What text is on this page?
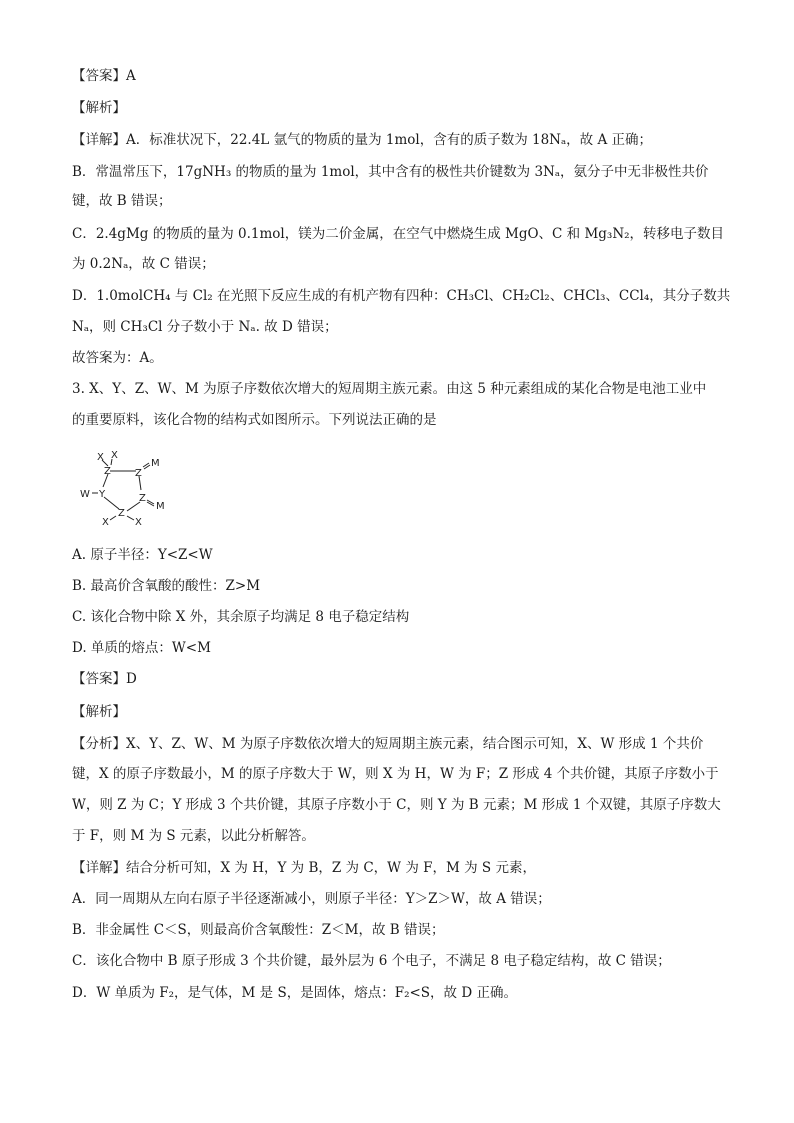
【答案】A
【解析】
【详解】A．标准状况下，22.4L 氩气的物质的量为 1mol，含有的质子数为 18Nₐ，故 A 正确；
B．常温常压下，17gNH₃ 的物质的量为 1mol，其中含有的极性共价键数为 3Nₐ，氨分子中无非极性共价
键，故 B 错误；
C．2.4gMg 的物质的量为 0.1mol，镁为二价金属，在空气中燃烧生成 MgO、C 和 Mg₃N₂，转移电子数目
为 0.2Nₐ，故 C 错误；
D．1.0molCH₄ 与 Cl₂ 在光照下反应生成的有机产物有四种：CH₃Cl、CH₂Cl₂、CHCl₃、CCl₄，其分子数共
Nₐ，则 CH₃Cl 分子数小于 Nₐ. 故 D 错误；
故答案为：A。
3. X、Y、Z、W、M 为原子序数依次增大的短周期主族元素。由这 5 种元素组成的某化合物是电池工业中
的重要原料，该化合物的结构式如图所示。下列说法正确的是
X X
Z Z
M
W Y	Z
M
Z
X	X
A. 原子半径：Y<Z<W
B. 最高价含氧酸的酸性：Z>M
C. 该化合物中除 X 外，其余原子均满足 8 电子稳定结构
D. 单质的熔点：W<M
【答案】D
【解析】
【分析】X、Y、Z、W、M 为原子序数依次增大的短周期主族元素，结合图示可知，X、W 形成 1 个共价
键，X 的原子序数最小，M 的原子序数大于 W，则 X 为 H，W 为 F；Z 形成 4 个共价键，其原子序数小于
W，则 Z 为 C；Y 形成 3 个共价键，其原子序数小于 C，则 Y 为 B 元素；M 形成 1 个双键，其原子序数大
于 F，则 M 为 S 元素，以此分析解答。
【详解】结合分析可知，X 为 H，Y 为 B，Z 为 C，W 为 F，M 为 S 元素，
A．同一周期从左向右原子半径逐渐减小，则原子半径：Y＞Z＞W，故 A 错误；
B．非金属性 C＜S，则最高价含氧酸性：Z＜M，故 B 错误；
C．该化合物中 B 原子形成 3 个共价键，最外层为 6 个电子，不满足 8 电子稳定结构，故 C 错误；
D．W 单质为 F₂，是气体，M 是 S，是固体，熔点：F₂<S，故 D 正确。
